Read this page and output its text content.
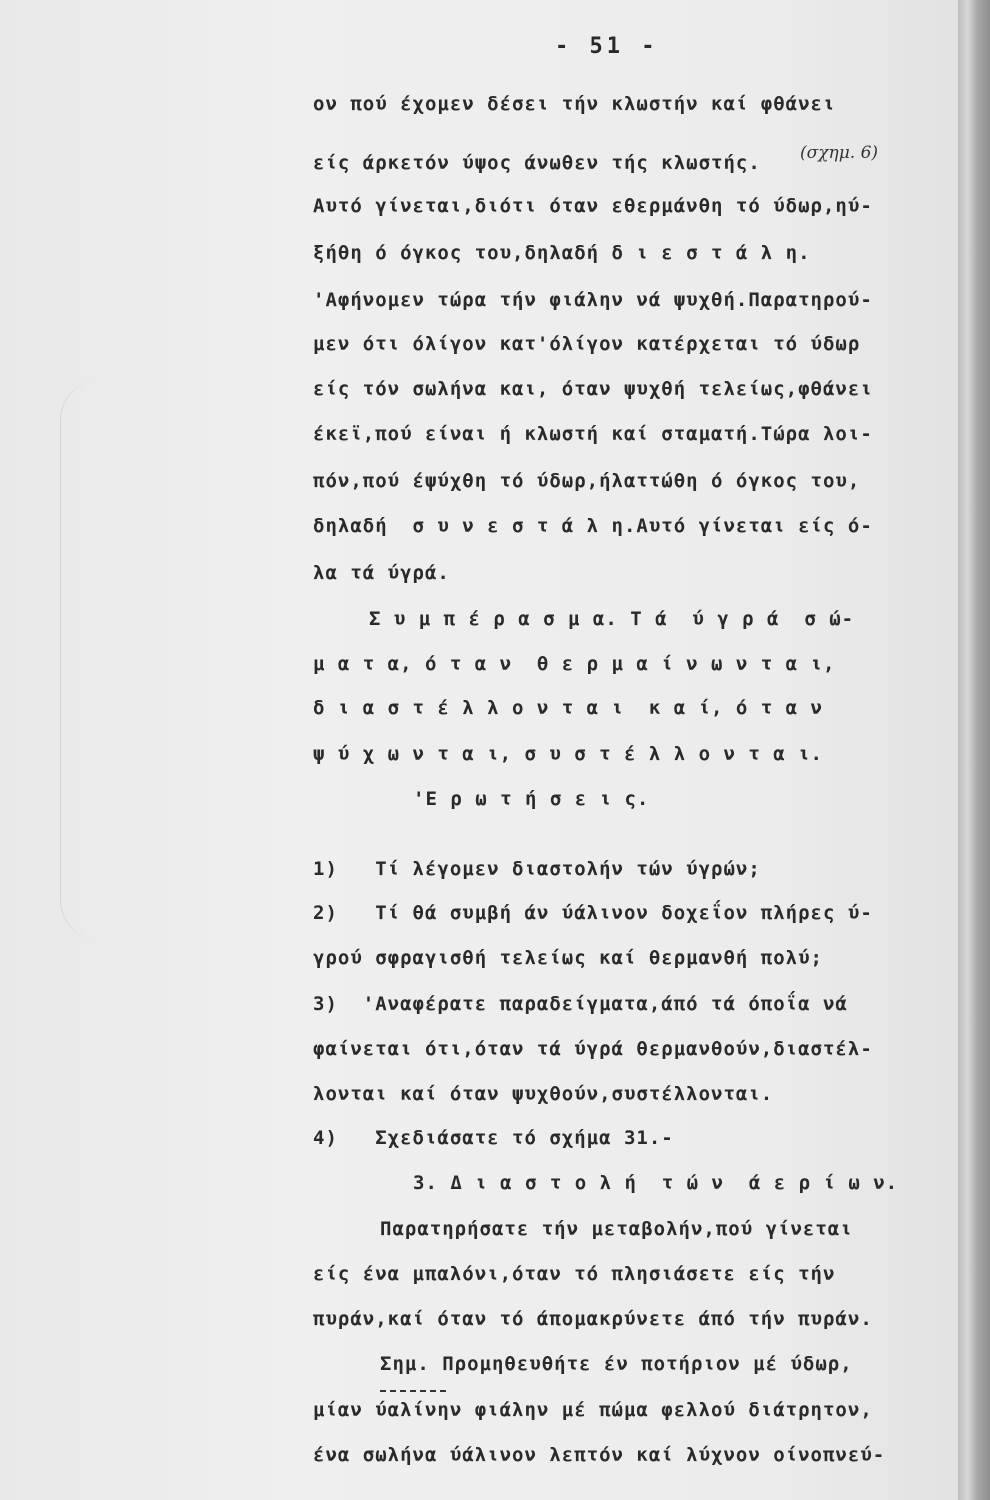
- 51 -
ον πού έχομεν δέσει τήν κλωστήν καί φθάνει
είς άρκετόν ύψος άνωθεν τής κλωστής.
Αυτό γίνεται,διότι όταν εθερμάνθη τό ύδωρ,ηύ-
ξήθη ό όγκος του,δηλαδή δ ι ε σ τ ά λ η.
'Αφήνομεν τώρα τήν φιάλην νά ψυχθή.Παρατηρού-
μεν ότι όλίγον κατ'όλίγον κατέρχεται τό ύδωρ
είς τόν σωλήνα και, όταν ψυχθή τελείως,φθάνει
έκεϊ,πού είναι ή κλωστή καί σταματή.Τώρα λοι-
πόν,πού έψύχθη τό ύδωρ,ήλαττώθη ό όγκος του,
δηλαδή  σ υ ν ε σ τ ά λ η.Αυτό γίνεται είς ό-
λα τά ύγρά.
Σ υ μ π έ ρ α σ μ α. Τ ά  ύ γ ρ ά  σ ώ-
μ α τ α, ό τ α ν  θ ε ρ μ α ί ν ω ν τ α ι,
δ ι α σ τ έ λ λ ο ν τ α ι  κ α ί, ό τ α ν
ψ ύ χ ω ν τ α ι, σ υ σ τ έ λ λ ο ν τ α ι.
'Ε ρ ω τ ή σ ε ι ς.
1)   Τί λέγομεν διαστολήν τών ύγρών;
2)   Τί θά συμβή άν ύάλινον δοχεΐον πλήρες ύ-
γρού σφραγισθή τελείως καί θερμανθή πολύ;
3)  'Αναφέρατε παραδείγματα,άπό τά όποΐα νά
φαίνεται ότι,όταν τά ύγρά θερμανθούν,διαστέλ-
λονται καί όταν ψυχθούν,συστέλλονται.
4)   Σχεδιάσατε τό σχήμα 31.-
3. Δ ι α σ τ ο λ ή  τ ώ ν  ά ε ρ ί ω ν.
Παρατηρήσατε τήν μεταβολήν,πού γίνεται
είς ένα μπαλόνι,όταν τό πλησιάσετε είς τήν
πυράν,καί όταν τό άπομακρύνετε άπό τήν πυράν.
Σημ. Προμηθευθήτε έν ποτήριον μέ ύδωρ,
μίαν ύαλίνην φιάλην μέ πώμα φελλού διάτρητον,
ένα σωλήνα ύάλινον λεπτόν καί λύχνον οίνοπνεύ-
(σχημ. 6)
